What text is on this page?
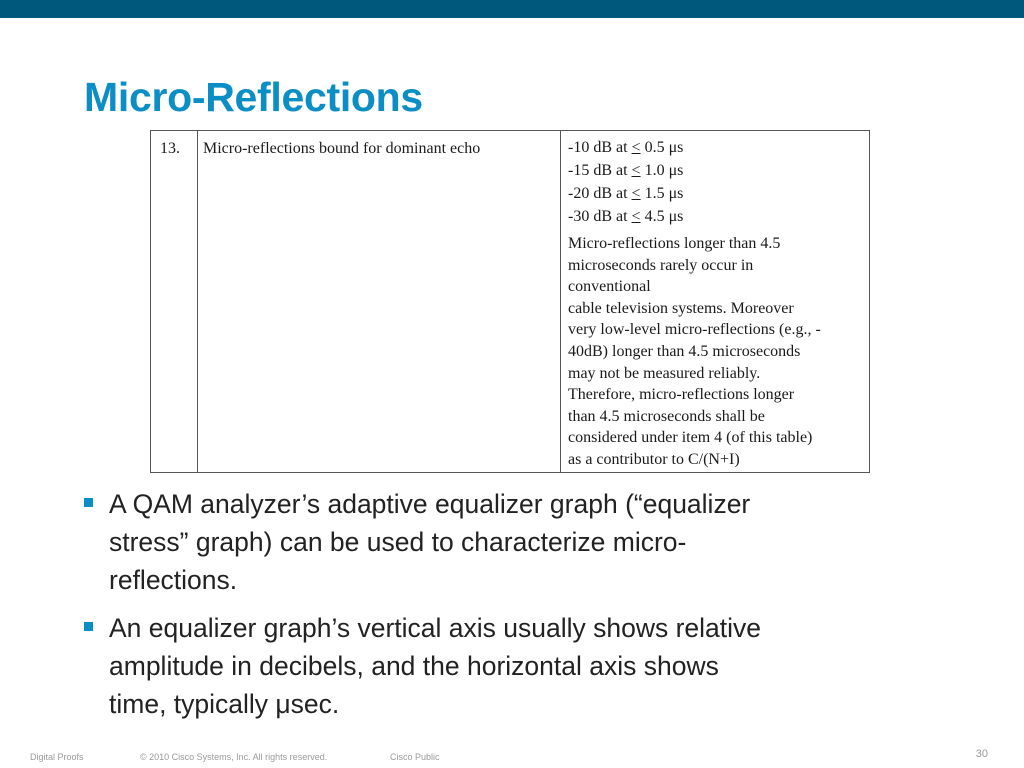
Micro-Reflections
13.	Micro-reflections bound for dominant echo	-10 dB at ≤ 0.5 μs
-15 dB at ≤ 1.0 μs
-20 dB at ≤ 1.5 μs
-30 dB at ≤ 4.5 μs
Micro-reflections longer than 4.5
microseconds rarely occur in
conventional
cable television systems. Moreover
very low-level micro-reflections (e.g., -
40dB) longer than 4.5 microseconds
may not be measured reliably.
Therefore, micro-reflections longer
than 4.5 microseconds shall be
considered under item 4 (of this table)
as a contributor to C/(N+I)
A QAM analyzer’s adaptive equalizer graph (“equalizer
stress” graph) can be used to characterize micro-
reflections.
An equalizer graph’s vertical axis usually shows relative
amplitude in decibels, and the horizontal axis shows
time, typically μsec.
Digital Proofs	© 2010 Cisco Systems, Inc. All rights reserved.	Cisco Public	30
